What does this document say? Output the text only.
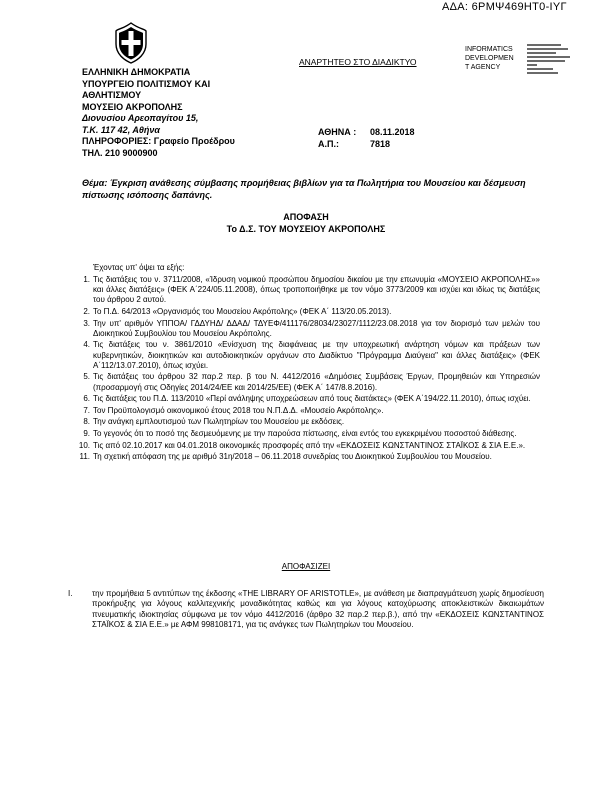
ΑΔΑ: 6ΡΜΨ469ΗΤ0-ΙΥΓ
ΑΝΑΡΤΗΤΕΟ ΣΤΟ ΔΙΑΔΙΚΤΥΟ
INFORMATICS
DEVELOPMEN
T AGENCY
ΕΛΛΗΝΙΚΗ ΔΗΜΟΚΡΑΤΙΑ
ΥΠΟΥΡΓΕΙΟ ΠΟΛΙΤΙΣΜΟΥ ΚΑΙ
ΑΘΛΗΤΙΣΜΟΥ
ΜΟΥΣΕΙΟ ΑΚΡΟΠΟΛΗΣ
Διονυσίου Αρεοπαγίτου 15,
Τ.Κ. 117 42, Αθήνα
ΠΛΗΡΟΦΟΡΙΕΣ: Γραφείο Προέδρου
ΤΗΛ. 210 9000900
ΑΘΗΝΑ : 08.11.2018
Α.Π.:	7818
Θέμα: Έγκριση ανάθεσης σύμβασης προμήθειας βιβλίων για τα Πωλητήρια του Μουσείου και δέσμευση πίστωσης ισόποσης δαπάνης.
ΑΠΟΦΑΣΗ
Το Δ.Σ. ΤΟΥ ΜΟΥΣΕΙΟΥ ΑΚΡΟΠΟΛΗΣ
Έχοντας υπ' όψει τα εξής:
1. Τις διατάξεις του ν. 3711/2008, «Ίδρυση νομικού προσώπου δημοσίου δικαίου με την επωνυμία «ΜΟΥΣΕΙΟ ΑΚΡΟΠΟΛΗΣ»» και άλλες διατάξεις» (ΦΕΚ Α΄224/05.11.2008), όπως τροποποιήθηκε με τον νόμο 3773/2009 και ισχύει και ιδίως τις διατάξεις του άρθρου 2 αυτού.
2. Το Π.Δ. 64/2013 «Οργανισμός του Μουσείου Ακρόπολης» (ΦΕΚ Α΄ 113/20.05.2013).
3. Την υπ' αριθμόν ΥΠΠΟΑ/ ΓΔΔΥΗΔ/ ΔΔΑΔ/ ΤΔΥΕΦ/411176/28034/23027/1112/23.08.2018 για τον διορισμό των μελών του Διοικητικού Συμβουλίου του Μουσείου Ακρόπολης.
4. Τις διατάξεις του ν. 3861/2010 «Ενίσχυση της διαφάνειας με την υποχρεωτική ανάρτηση νόμων και πράξεων των κυβερνητικών, διοικητικών και αυτοδιοικητικών οργάνων στο Διαδίκτυο "Πρόγραμμα Διαύγεια" και άλλες διατάξεις» (ΦΕΚ Α΄112/13.07.2010), όπως ισχύει.
5. Τις διατάξεις του άρθρου 32 παρ.2 περ. β του Ν. 4412/2016 «Δημόσιες Συμβάσεις Έργων, Προμηθειών και Υπηρεσιών (προσαρμογή στις Οδηγίες 2014/24/ΕΕ και 2014/25/ΕΕ) (ΦΕΚ Α΄ 147/8.8.2016).
6. Τις διατάξεις του Π.Δ. 113/2010 «Περί ανάληψης υποχρεώσεων από τους διατάκτες» (ΦΕΚ Α΄194/22.11.2010), όπως ισχύει.
7. Τον Προϋπολογισμό οικονομικού έτους 2018 του Ν.Π.Δ.Δ. «Μουσείο Ακρόπολης».
8. Την ανάγκη εμπλουτισμού των Πωλητηρίων του Μουσείου με εκδόσεις.
9. Το γεγονός ότι το ποσό της δεσμευόμενης με την παρούσα πίστωσης, είναι εντός του εγκεκριμένου ποσοστού διάθεσης.
10. Τις από 02.10.2017 και 04.01.2018 οικονομικές προσφορές από την «ΕΚΔΟΣΕΙΣ ΚΩΝΣΤΑΝΤΙΝΟΣ ΣΤΑΪΚΟΣ & ΣΙΑ Ε.Ε.».
11. Τη σχετική απόφαση της με αριθμό 31η/2018 – 06.11.2018 συνεδρίας του Διοικητικού Συμβουλίου του Μουσείου.
ΑΠΟΦΑΣΙΖΕΙ
I. την προμήθεια 5 αντιτύπων της έκδοσης «THE LIBRARY OF ARISTOTLE», με ανάθεση με διαπραγμάτευση χωρίς δημοσίευση προκήρυξης για λόγους καλλιτεχνικής μοναδικότητας καθώς και για λόγους κατοχύρωσης αποκλειστικών δικαιωμάτων πνευματικής ιδιοκτησίας σύμφωνα με τον νόμο 4412/2016 (άρθρο 32 παρ.2 περ.β.), από την «ΕΚΔΟΣΕΙΣ ΚΩΝΣΤΑΝΤΙΝΟΣ ΣΤΑΪΚΟΣ & ΣΙΑ Ε.Ε.» με ΑΦΜ 998108171, για τις ανάγκες των Πωλητηρίων του Μουσείου.
